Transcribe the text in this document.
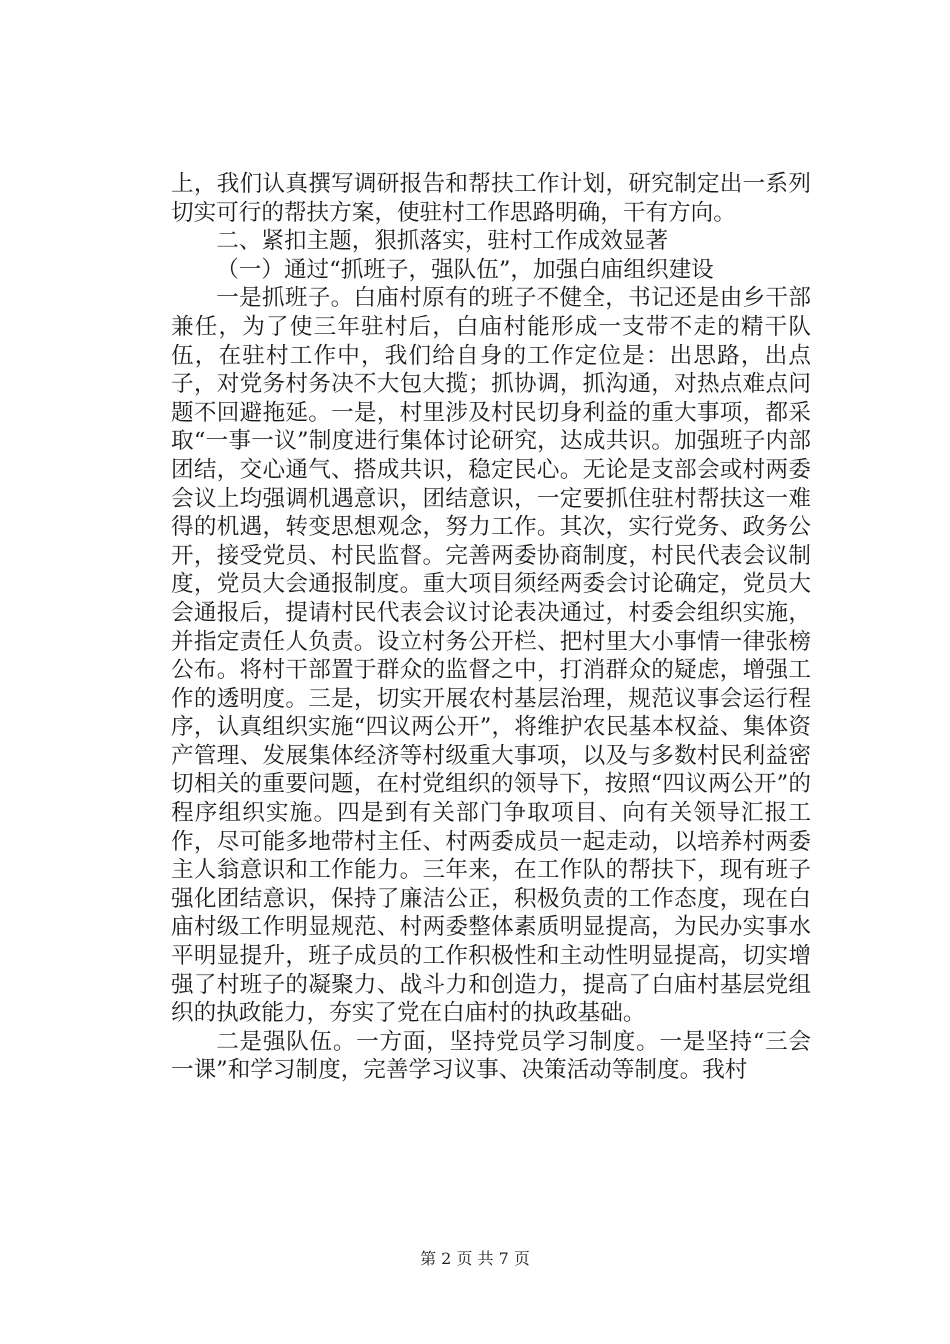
上，我们认真撰写调研报告和帮扶工作计划，研究制定出一系列切实可行的帮扶方案，使驻村工作思路明确，干有方向。

二、紧扣主题，狠抓落实，驻村工作成效显著

（一）通过“抓班子，强队伍”，加强白庙组织建设

一是抓班子。白庙村原有的班子不健全，书记还是由乡干部兼任，为了使三年驻村后，白庙村能形成一支带不走的精干队伍，在驻村工作中，我们给自身的工作定位是：出思路，出点子，对党务村务决不大包大揽；抓协调，抓沟通，对热点难点问题不回避拖延。一是，村里涉及村民切身利益的重大事项，都采取“一事一议”制度进行集体讨论研究，达成共识。加强班子内部团结，交心通气、搭成共识，稳定民心。无论是支部会或村两委会议上均强调机遇意识，团结意识，一定要抓住驻村帮扶这一难得的机遇，转变思想观念，努力工作。其次，实行党务、政务公开，接受党员、村民监督。完善两委协商制度，村民代表会议制度，党员大会通报制度。重大项目须经两委会讨论确定，党员大会通报后，提请村民代表会议讨论表决通过，村委会组织实施，并指定责任人负责。设立村务公开栏、把村里大小事情一律张榜公布。将村干部置于群众的监督之中，打消群众的疑虑，增强工作的透明度。三是，切实开展农村基层治理，规范议事会运行程序，认真组织实施“四议两公开”，将维护农民基本权益、集体资产管理、发展集体经济等村级重大事项，以及与多数村民利益密切相关的重要问题，在村党组织的领导下，按照“四议两公开”的程序组织实施。四是到有关部门争取项目、向有关领导汇报工作，尽可能多地带村主任、村两委成员一起走动，以培养村两委主人翁意识和工作能力。三年来，在工作队的帮扶下，现有班子强化团结意识，保持了廉洁公正，积极负责的工作态度，现在白庙村级工作明显规范、村两委整体素质明显提高，为民办实事水平明显提升，班子成员的工作积极性和主动性明显提高，切实增强了村班子的凝聚力、战斗力和创造力，提高了白庙村基层党组织的执政能力，夯实了党在白庙村的执政基础。

二是强队伍。一方面，坚持党员学习制度。一是坚持“三会一课”和学习制度，完善学习议事、决策活动等制度。我村

第 2 页 共 7 页
